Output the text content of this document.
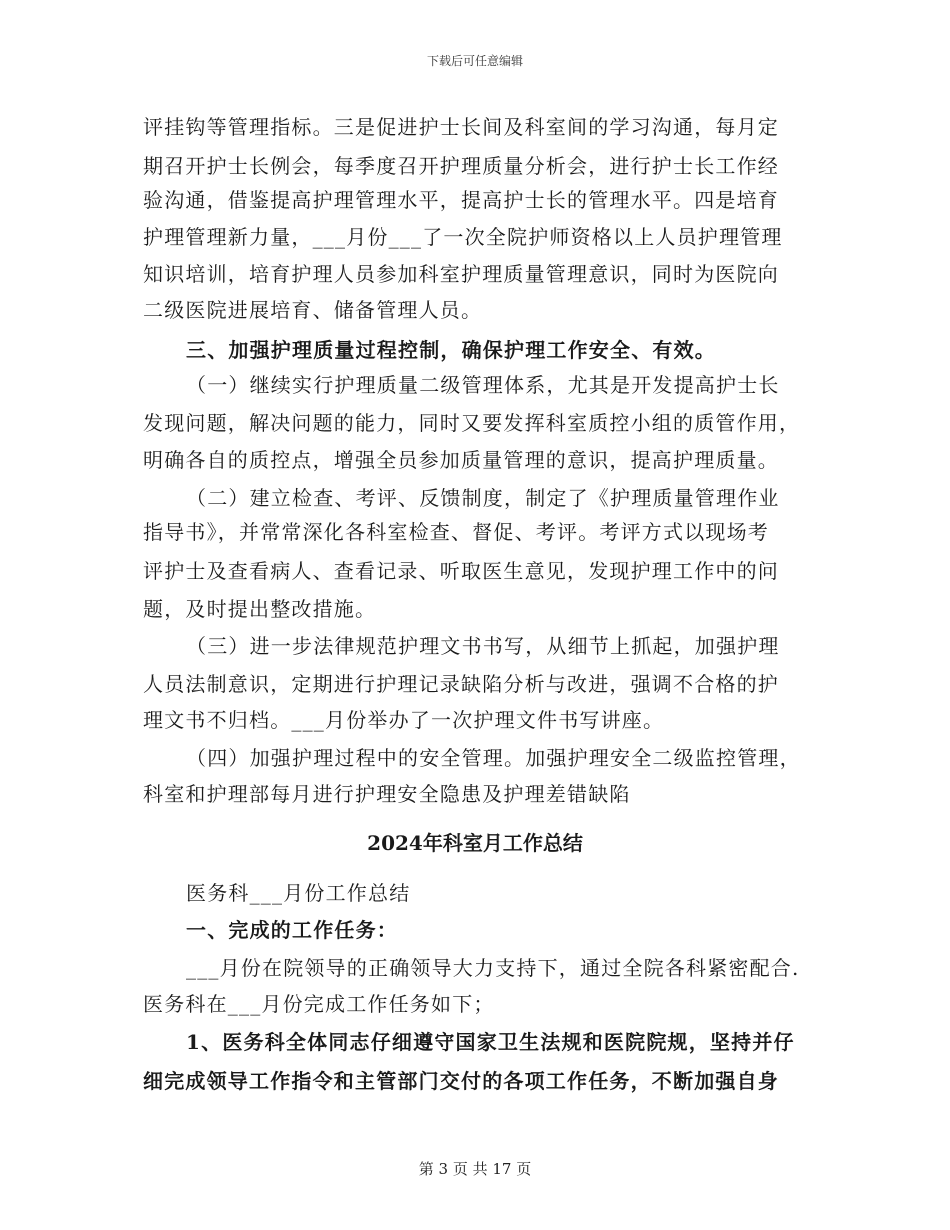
下载后可任意编辑
评挂钩等管理指标。三是促进护士长间及科室间的学习沟通，每月定
期召开护士长例会，每季度召开护理质量分析会，进行护士长工作经
验沟通，借鉴提高护理管理水平，提高护士长的管理水平。四是培育
护理管理新力量，___月份___了一次全院护师资格以上人员护理管理
知识培训，培育护理人员参加科室护理质量管理意识，同时为医院向
二级医院进展培育、储备管理人员。
三、加强护理质量过程控制，确保护理工作安全、有效。
（一）继续实行护理质量二级管理体系，尤其是开发提高护士长
发现问题，解决问题的能力，同时又要发挥科室质控小组的质管作用，
明确各自的质控点，增强全员参加质量管理的意识，提高护理质量。
（二）建立检查、考评、反馈制度，制定了《护理质量管理作业
指导书》，并常常深化各科室检查、督促、考评。考评方式以现场考
评护士及查看病人、查看记录、听取医生意见，发现护理工作中的问
题，及时提出整改措施。
（三）进一步法律规范护理文书书写，从细节上抓起，加强护理
人员法制意识，定期进行护理记录缺陷分析与改进，强调不合格的护
理文书不归档。___月份举办了一次护理文件书写讲座。
（四）加强护理过程中的安全管理。加强护理安全二级监控管理，
科室和护理部每月进行护理安全隐患及护理差错缺陷
2024年科室月工作总结
医务科___月份工作总结
一、完成的工作任务：
___月份在院领导的正确领导大力支持下，通过全院各科紧密配合.
医务科在___月份完成工作任务如下；
1、医务科全体同志仔细遵守国家卫生法规和医院院规，坚持并仔
细完成领导工作指令和主管部门交付的各项工作任务，不断加强自身
第 3 页 共 17 页
